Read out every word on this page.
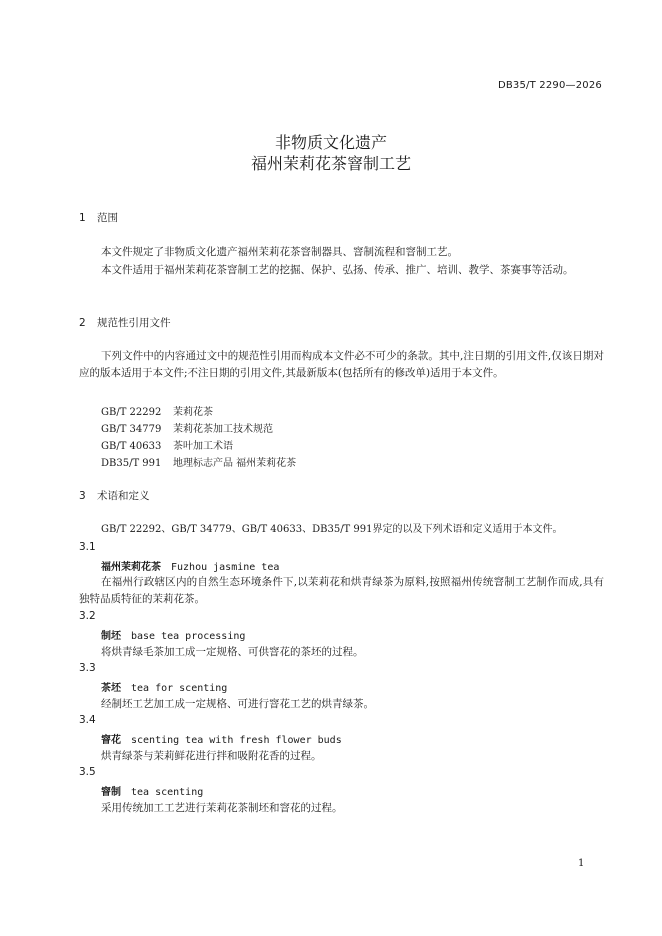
DB35/T 2290—2026
非物质文化遗产
福州茉莉花茶窨制工艺
1 范围
本文件规定了非物质文化遗产福州茉莉花茶窨制器具、窨制流程和窨制工艺。
本文件适用于福州茉莉花茶窨制工艺的挖掘、保护、弘扬、传承、推广、培训、教学、茶赛事等活动。
2 规范性引用文件
下列文件中的内容通过文中的规范性引用而构成本文件必不可少的条款。其中,注日期的引用文件,仅该日期对应的版本适用于本文件;不注日期的引用文件,其最新版本(包括所有的修改单)适用于本文件。
GB/T 22292 茉莉花茶
GB/T 34779 茉莉花茶加工技术规范
GB/T 40633 茶叶加工术语
DB35/T 991 地理标志产品 福州茉莉花茶
3 术语和定义
GB/T 22292、GB/T 34779、GB/T 40633、DB35/T 991界定的以及下列术语和定义适用于本文件。
3.1
福州茉莉花茶 Fuzhou jasmine tea
在福州行政辖区内的自然生态环境条件下,以茉莉花和烘青绿茶为原料,按照福州传统窨制工艺制作而成,具有独特品质特征的茉莉花茶。
3.2
制坯 base tea processing
将烘青绿毛茶加工成一定规格、可供窨花的茶坯的过程。
3.3
茶坯 tea for scenting
经制坯工艺加工成一定规格、可进行窨花工艺的烘青绿茶。
3.4
窨花 scenting tea with fresh flower buds
烘青绿茶与茉莉鲜花进行拌和吸附花香的过程。
3.5
窨制 tea scenting
采用传统加工工艺进行茉莉花茶制坯和窨花的过程。
1
